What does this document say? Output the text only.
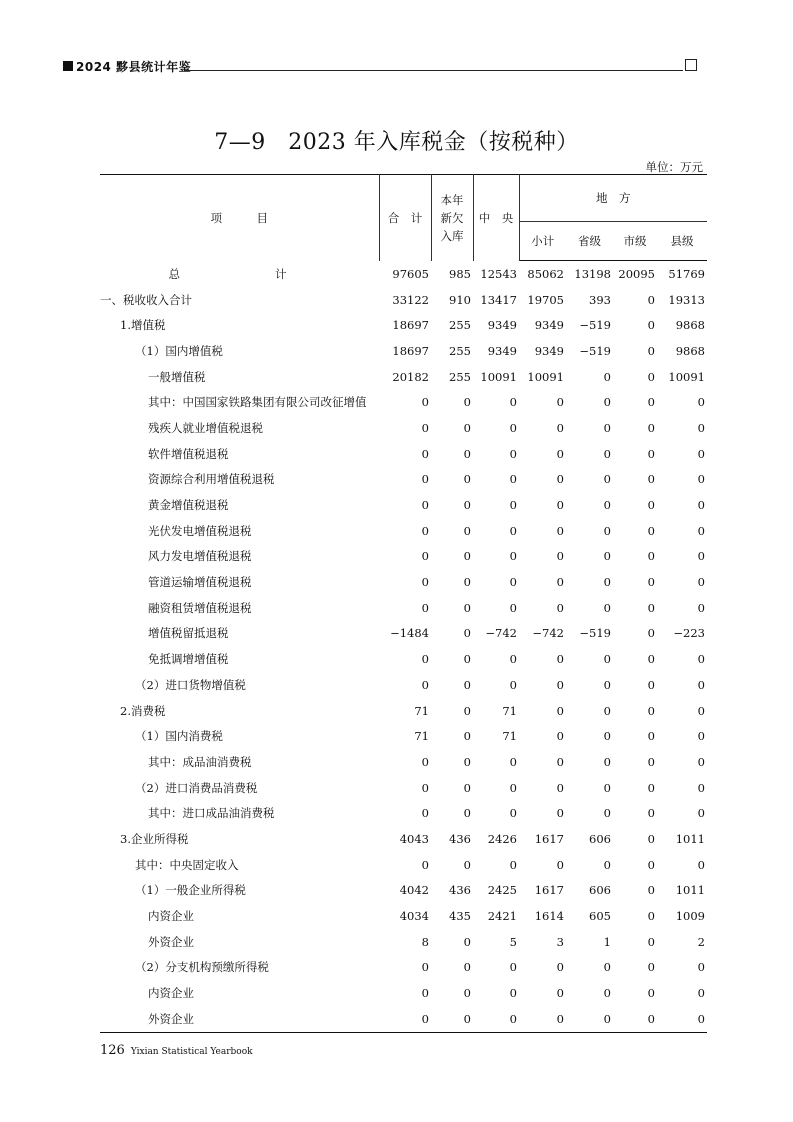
2024 黟县统计年鉴
7—9　2023 年入库税金（按税种）
单位：万元
项　　　目	合　计	本年新欠入库	中　央	地　方			
				小计	省级	市级	县级
总　　计	97605	985	12543	85062	13198	20095	51769
一、税收收入合计	33122	910	13417	19705	393	0	19313
1.增值税	18697	255	9349	9349	−519	0	9868
（1）国内增值税	18697	255	9349	9349	−519	0	9868
一般增值税	20182	255	10091	10091	0	0	10091
其中：中国国家铁路集团有限公司改征增值	0	0	0	0	0	0	0
残疾人就业增值税退税	0	0	0	0	0	0	0
软件增值税退税	0	0	0	0	0	0	0
资源综合利用增值税退税	0	0	0	0	0	0	0
黄金增值税退税	0	0	0	0	0	0	0
光伏发电增值税退税	0	0	0	0	0	0	0
风力发电增值税退税	0	0	0	0	0	0	0
管道运输增值税退税	0	0	0	0	0	0	0
融资租赁增值税退税	0	0	0	0	0	0	0
增值税留抵退税	−1484	0	−742	−742	−519	0	−223
免抵调增增值税	0	0	0	0	0	0	0
（2）进口货物增值税	0	0	0	0	0	0	0
2.消费税	71	0	71	0	0	0	0
（1）国内消费税	71	0	71	0	0	0	0
其中：成品油消费税	0	0	0	0	0	0	0
（2）进口消费品消费税	0	0	0	0	0	0	0
其中：进口成品油消费税	0	0	0	0	0	0	0
3.企业所得税	4043	436	2426	1617	606	0	1011
其中：中央固定收入	0	0	0	0	0	0	0
（1）一般企业所得税	4042	436	2425	1617	606	0	1011
内资企业	4034	435	2421	1614	605	0	1009
外资企业	8	0	5	3	1	0	2
（2）分支机构预缴所得税	0	0	0	0	0	0	0
内资企业	0	0	0	0	0	0	0
外资企业	0	0	0	0	0	0	0
126 Yixian Statistical Yearbook
